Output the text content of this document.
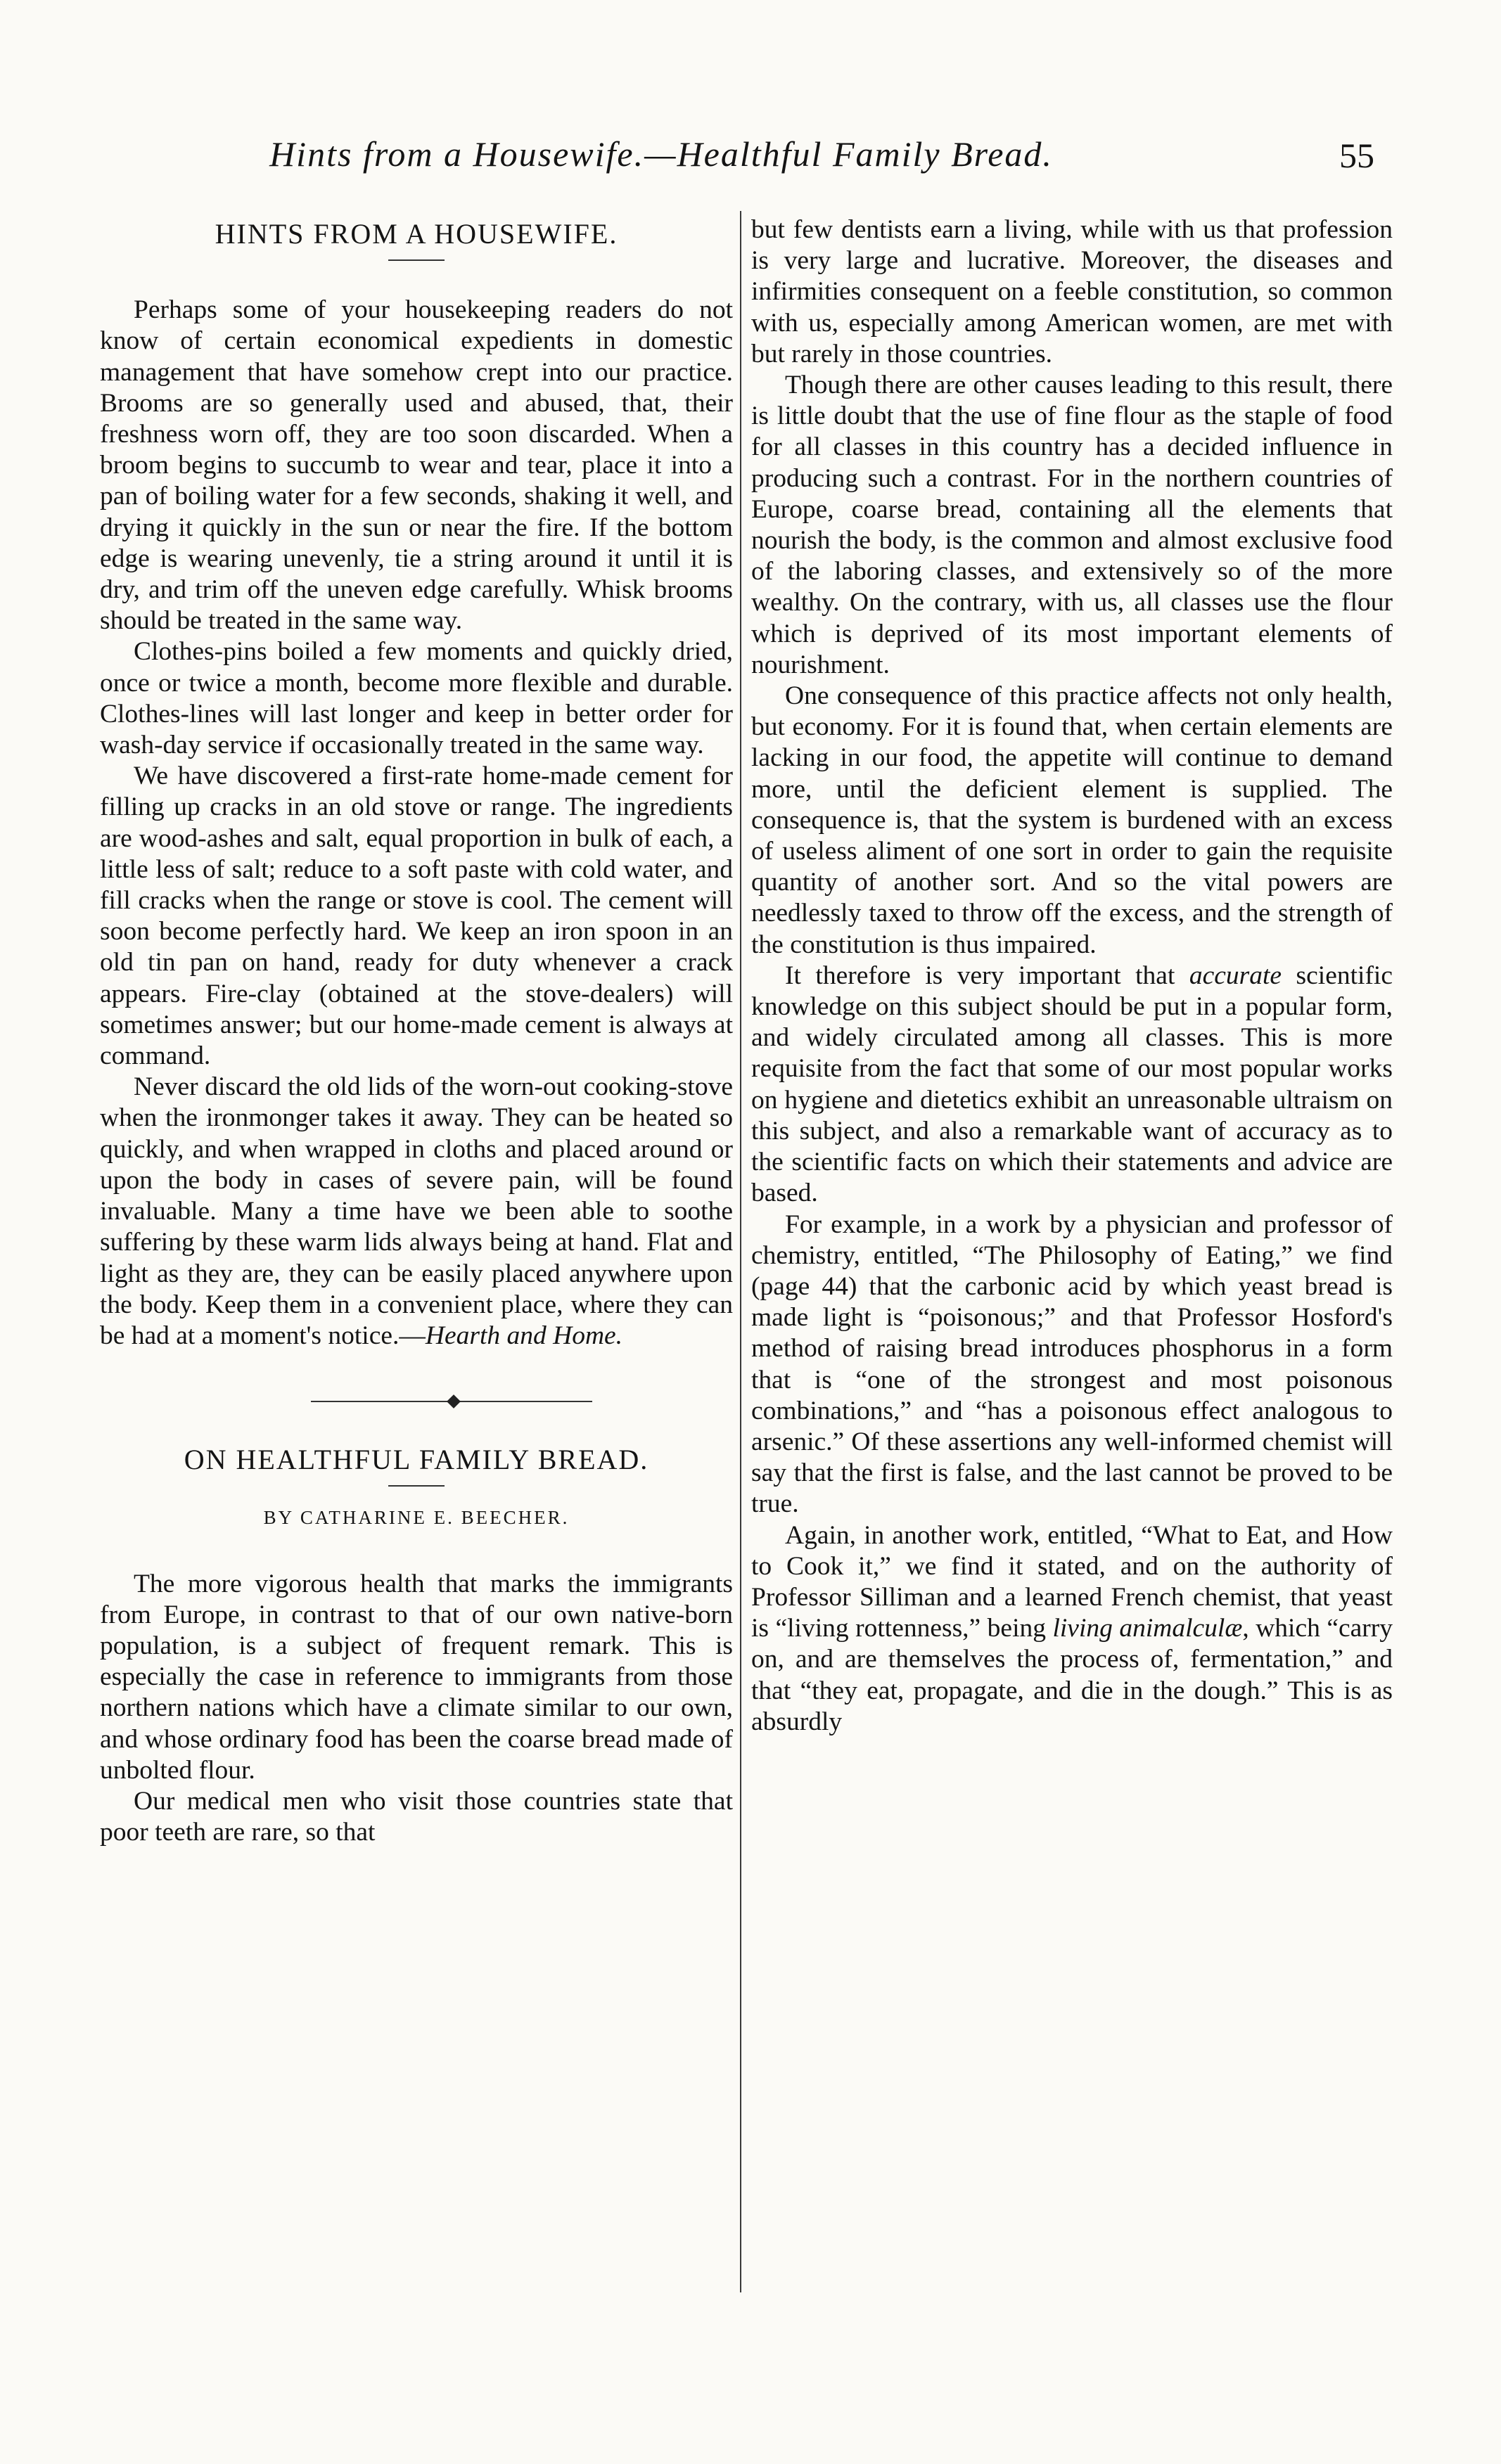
Hints from a Housewife.—Healthful Family Bread.	55
HINTS FROM A HOUSEWIFE.

Perhaps some of your housekeeping readers do not know of certain economical expedients in domestic management that have somehow crept into our practice. Brooms are so generally used and abused, that, their freshness worn off, they are too soon discarded. When a broom begins to succumb to wear and tear, place it into a pan of boiling water for a few seconds, shaking it well, and drying it quickly in the sun or near the fire. If the bottom edge is wearing unevenly, tie a string around it until it is dry, and trim off the uneven edge carefully. Whisk brooms should be treated in the same way.

Clothes-pins boiled a few moments and quickly dried, once or twice a month, become more flexible and durable. Clothes-lines will last longer and keep in better order for wash-day service if occasionally treated in the same way.

We have discovered a first-rate home-made cement for filling up cracks in an old stove or range. The ingredients are wood-ashes and salt, equal proportion in bulk of each, a little less of salt; reduce to a soft paste with cold water, and fill cracks when the range or stove is cool. The cement will soon become perfectly hard. We keep an iron spoon in an old tin pan on hand, ready for duty whenever a crack appears. Fire-clay (obtained at the stove-dealers) will sometimes answer; but our home-made cement is always at command.

Never discard the old lids of the worn-out cooking-stove when the ironmonger takes it away. They can be heated so quickly, and when wrapped in cloths and placed around or upon the body in cases of severe pain, will be found invaluable. Many a time have we been able to soothe suffering by these warm lids always being at hand. Flat and light as they are, they can be easily placed anywhere upon the body. Keep them in a convenient place, where they can be had at a moment's notice.—Hearth and Home.

ON HEALTHFUL FAMILY BREAD.
BY CATHARINE E. BEECHER.

The more vigorous health that marks the immigrants from Europe, in contrast to that of our own native-born population, is a subject of frequent remark. This is especially the case in reference to immigrants from those northern nations which have a climate similar to our own, and whose ordinary food has been the coarse bread made of unbolted flour.

Our medical men who visit those countries state that poor teeth are rare, so that

but few dentists earn a living, while with us that profession is very large and lucrative. Moreover, the diseases and infirmities consequent on a feeble constitution, so common with us, especially among American women, are met with but rarely in those countries.

Though there are other causes leading to this result, there is little doubt that the use of fine flour as the staple of food for all classes in this country has a decided influence in producing such a contrast. For in the northern countries of Europe, coarse bread, containing all the elements that nourish the body, is the common and almost exclusive food of the laboring classes, and extensively so of the more wealthy. On the contrary, with us, all classes use the flour which is deprived of its most important elements of nourishment.

One consequence of this practice affects not only health, but economy. For it is found that, when certain elements are lacking in our food, the appetite will continue to demand more, until the deficient element is supplied. The consequence is, that the system is burdened with an excess of useless aliment of one sort in order to gain the requisite quantity of another sort. And so the vital powers are needlessly taxed to throw off the excess, and the strength of the constitution is thus impaired.

It therefore is very important that accurate scientific knowledge on this subject should be put in a popular form, and widely circulated among all classes. This is more requisite from the fact that some of our most popular works on hygiene and dietetics exhibit an unreasonable ultraism on this subject, and also a remarkable want of accuracy as to the scientific facts on which their statements and advice are based.

For example, in a work by a physician and professor of chemistry, entitled, “The Philosophy of Eating,” we find (page 44) that the carbonic acid by which yeast bread is made light is “poisonous;” and that Professor Hosford's method of raising bread introduces phosphorus in a form that is “one of the strongest and most poisonous combinations,” and “has a poisonous effect analogous to arsenic.” Of these assertions any well-informed chemist will say that the first is false, and the last cannot be proved to be true.

Again, in another work, entitled, “What to Eat, and How to Cook it,” we find it stated, and on the authority of Professor Silliman and a learned French chemist, that yeast is “living rottenness,” being living animalculæ, which “carry on, and are themselves the process of, fermentation,” and that “they eat, propagate, and die in the dough.” This is as absurdly
